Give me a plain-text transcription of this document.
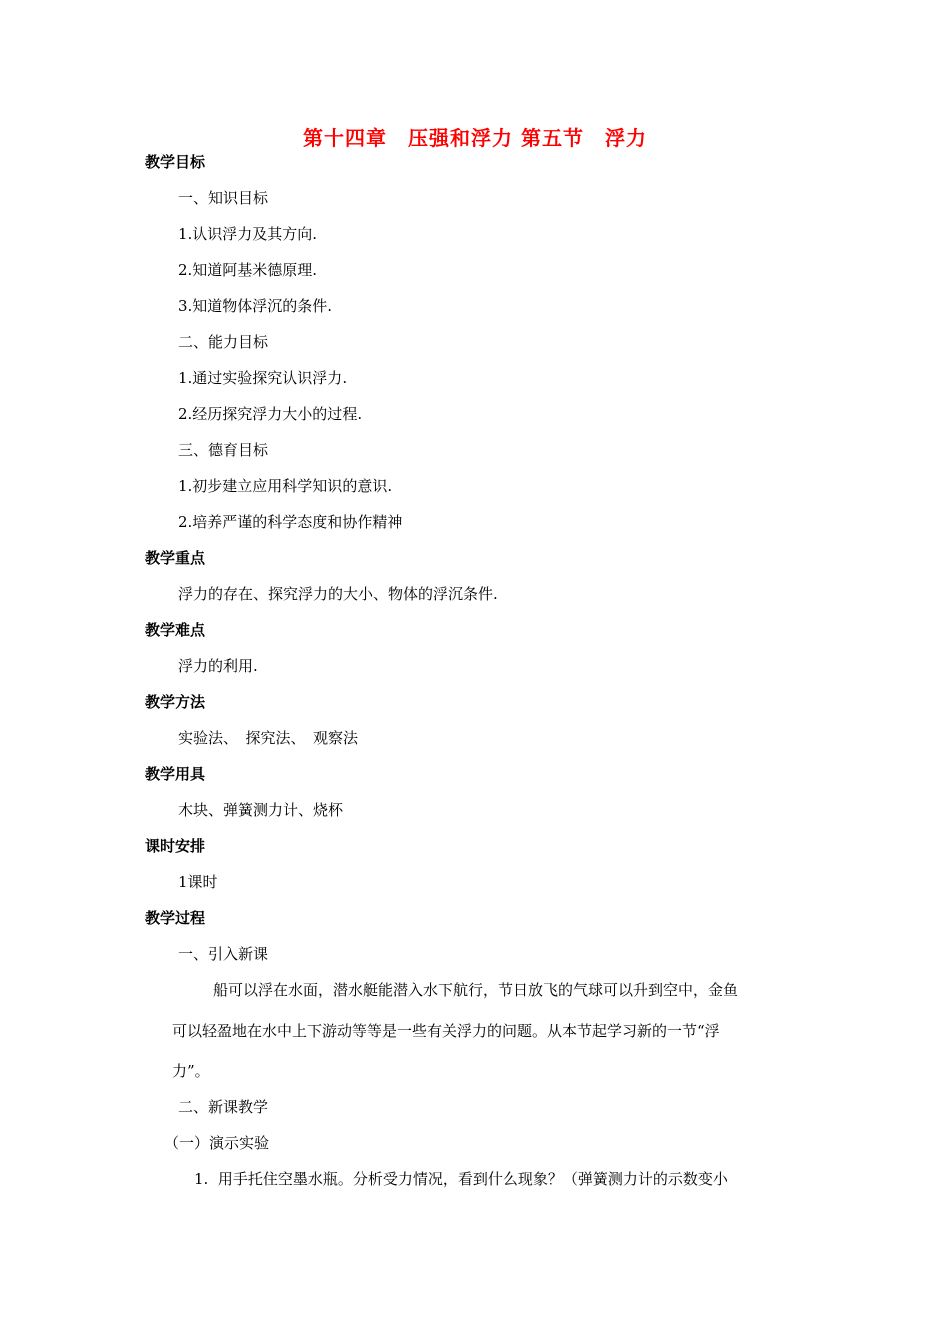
第十四章　压强和浮力 第五节　浮力
教学目标
一、知识目标
1.认识浮力及其方向.
2.知道阿基米德原理.
3.知道物体浮沉的条件.
二、能力目标
1.通过实验探究认识浮力.
2.经历探究浮力大小的过程.
三、德育目标
1.初步建立应用科学知识的意识.
2.培养严谨的科学态度和协作精神
教学重点
浮力的存在、探究浮力的大小、物体的浮沉条件.
教学难点
浮力的利用.
教学方法
实验法、　探究法、　观察法
教学用具
木块、弹簧测力计、烧杯
课时安排
1课时
教学过程
一、引入新课
船可以浮在水面，潜水艇能潜入水下航行，节日放飞的气球可以升到空中，金鱼
可以轻盈地在水中上下游动等等是一些有关浮力的问题。从本节起学习新的一节“浮
力”。
二、新课教学
（一）演示实验
1.  用手托住空墨水瓶。分析受力情况，看到什么现象？（弹簧测力计的示数变小
